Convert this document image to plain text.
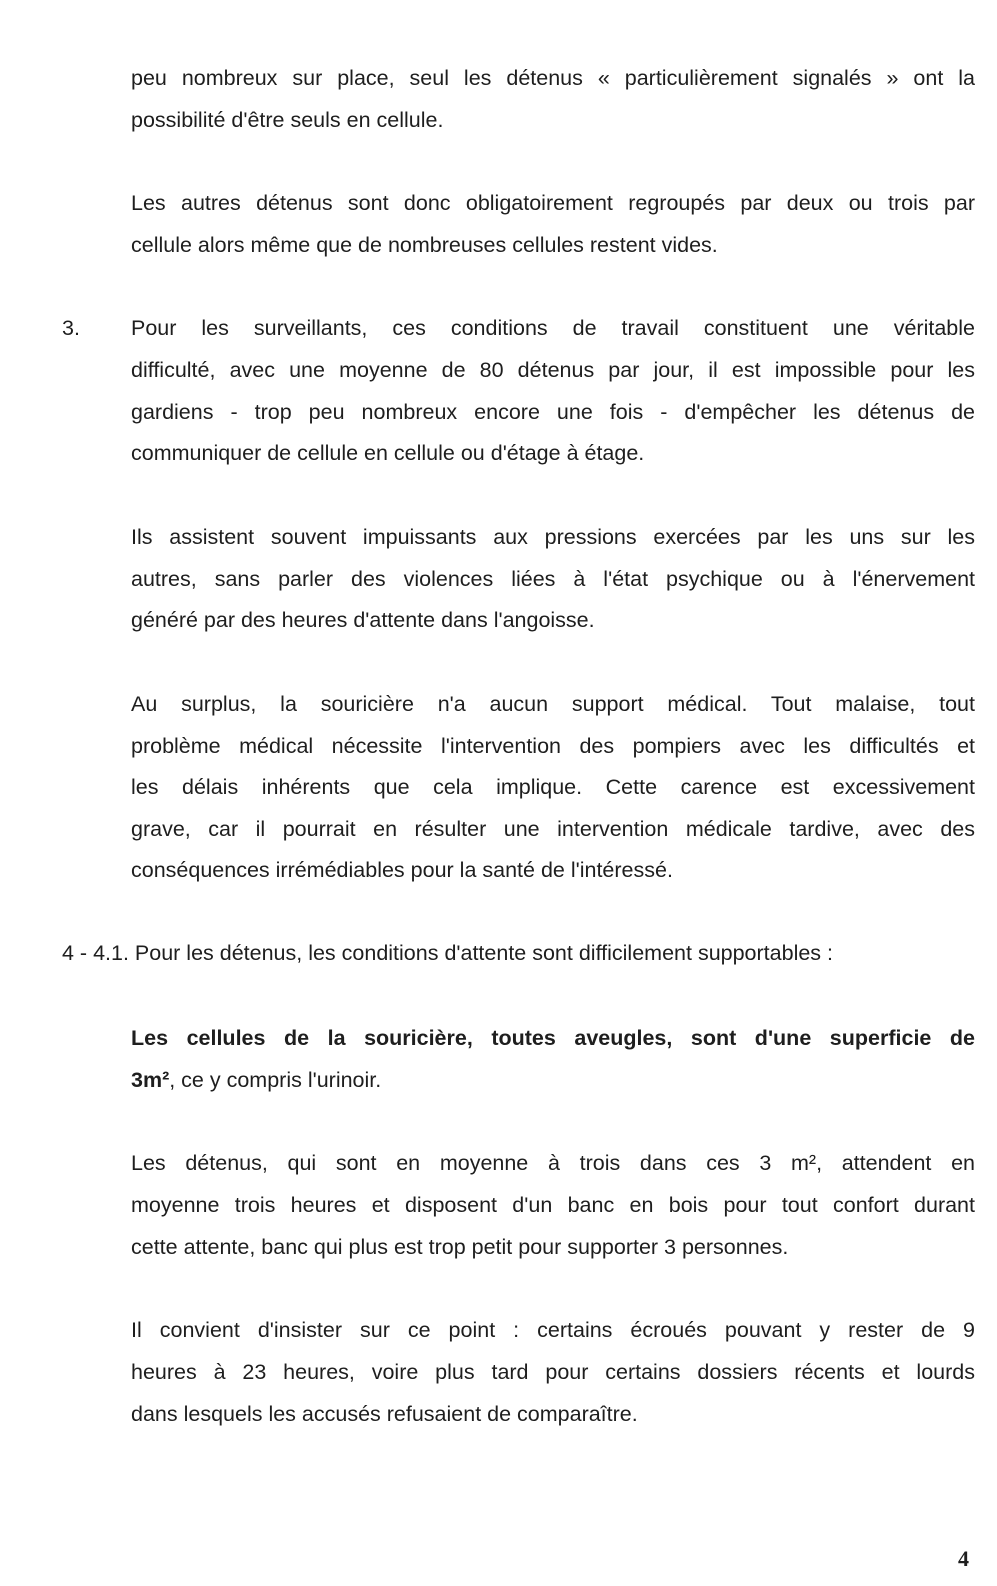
peu nombreux sur place, seul les détenus « particulièrement signalés » ont la
possibilité d'être seuls en cellule.
Les autres détenus sont donc obligatoirement regroupés par deux ou trois par
cellule alors même que de nombreuses cellules restent vides.
3. Pour les surveillants, ces conditions de travail constituent une véritable
difficulté, avec une moyenne de 80 détenus par jour, il est impossible pour les
gardiens - trop peu nombreux encore une fois - d'empêcher les détenus de
communiquer de cellule en cellule ou d'étage à étage.
Ils assistent souvent impuissants aux pressions exercées par les uns sur les
autres, sans parler des violences liées à l'état psychique ou à l'énervement
généré par des heures d'attente dans l'angoisse.
Au surplus, la souricière n'a aucun support médical. Tout malaise, tout
problème médical nécessite l'intervention des pompiers avec les difficultés et
les délais inhérents que cela implique. Cette carence est excessivement
grave, car il pourrait en résulter une intervention médicale tardive, avec des
conséquences irrémédiables pour la santé de l'intéressé.
4 - 4.1. Pour les détenus, les conditions d'attente sont difficilement supportables :
Les cellules de la souricière, toutes aveugles, sont d'une superficie de
3m², ce y compris l'urinoir.
Les détenus, qui sont en moyenne à trois dans ces 3 m², attendent en
moyenne trois heures et disposent d'un banc en bois pour tout confort durant
cette attente, banc qui plus est trop petit pour supporter 3 personnes.
Il convient d'insister sur ce point : certains écroués pouvant y rester de 9
heures à 23 heures, voire plus tard pour certains dossiers récents et lourds
dans lesquels les accusés refusaient de comparaître.
4
